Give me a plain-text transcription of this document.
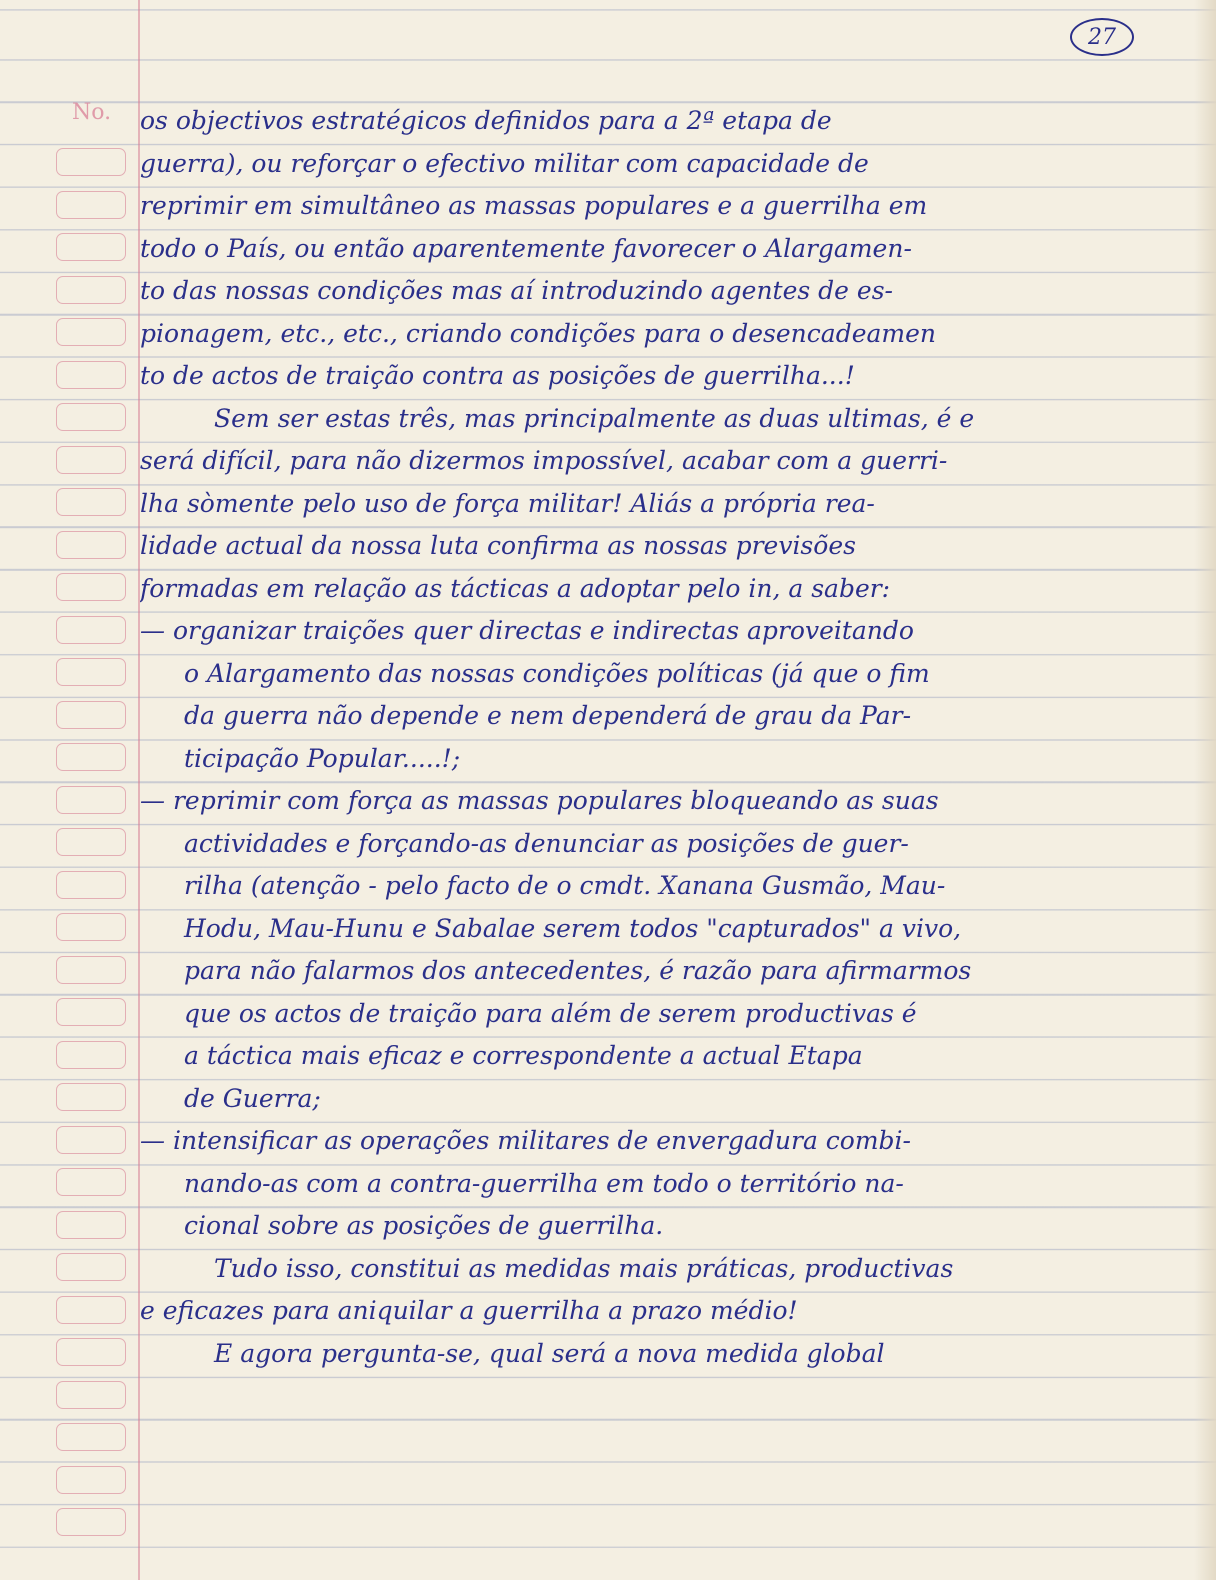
27
No. os objectivos estratégicos definidos para a 2ª etapa de
guerra), ou reforçar o efectivo militar com capacidade de
reprimir em simultâneo as massas populares e a guerrilha em
todo o País, ou então aparentemente favorecer o Alargamen-
to das nossas condições mas aí introduzindo agentes de es-
pionagem, etc., etc., criando condições para o desencadeamen
to de actos de traição contra as posições de guerrilha...!
Sem ser estas três, mas principalmente as duas ultimas, é e
será difícil, para não dizermos impossível, acabar com a guerri-
lha sòmente pelo uso de força militar! Aliás a própria rea-
lidade actual da nossa luta confirma as nossas previsões
formadas em relação as tácticas a adoptar pelo in, a saber:
— organizar traições quer directas e indirectas aproveitando
o Alargamento das nossas condições políticas (já que o fim
da guerra não depende e nem dependerá de grau da Par-
ticipação Popular.....!;
— reprimir com força as massas populares bloqueando as suas
actividades e forçando-as denunciar as posições de guer-
rilha (atenção - pelo facto de o cmdt. Xanana Gusmão, Mau-
Hodu, Mau-Hunu e Sabalae serem todos "capturados" a vivo,
para não falarmos dos antecedentes, é razão para afirmarmos
que os actos de traição para além de serem productivas é
a táctica mais eficaz e correspondente a actual Etapa
de Guerra;
— intensificar as operações militares de envergadura combi-
nando-as com a contra-guerrilha em todo o território na-
cional sobre as posições de guerrilha.
Tudo isso, constitui as medidas mais práticas, productivas
e eficazes para aniquilar a guerrilha a prazo médio!
E agora pergunta-se, qual será a nova medida global
